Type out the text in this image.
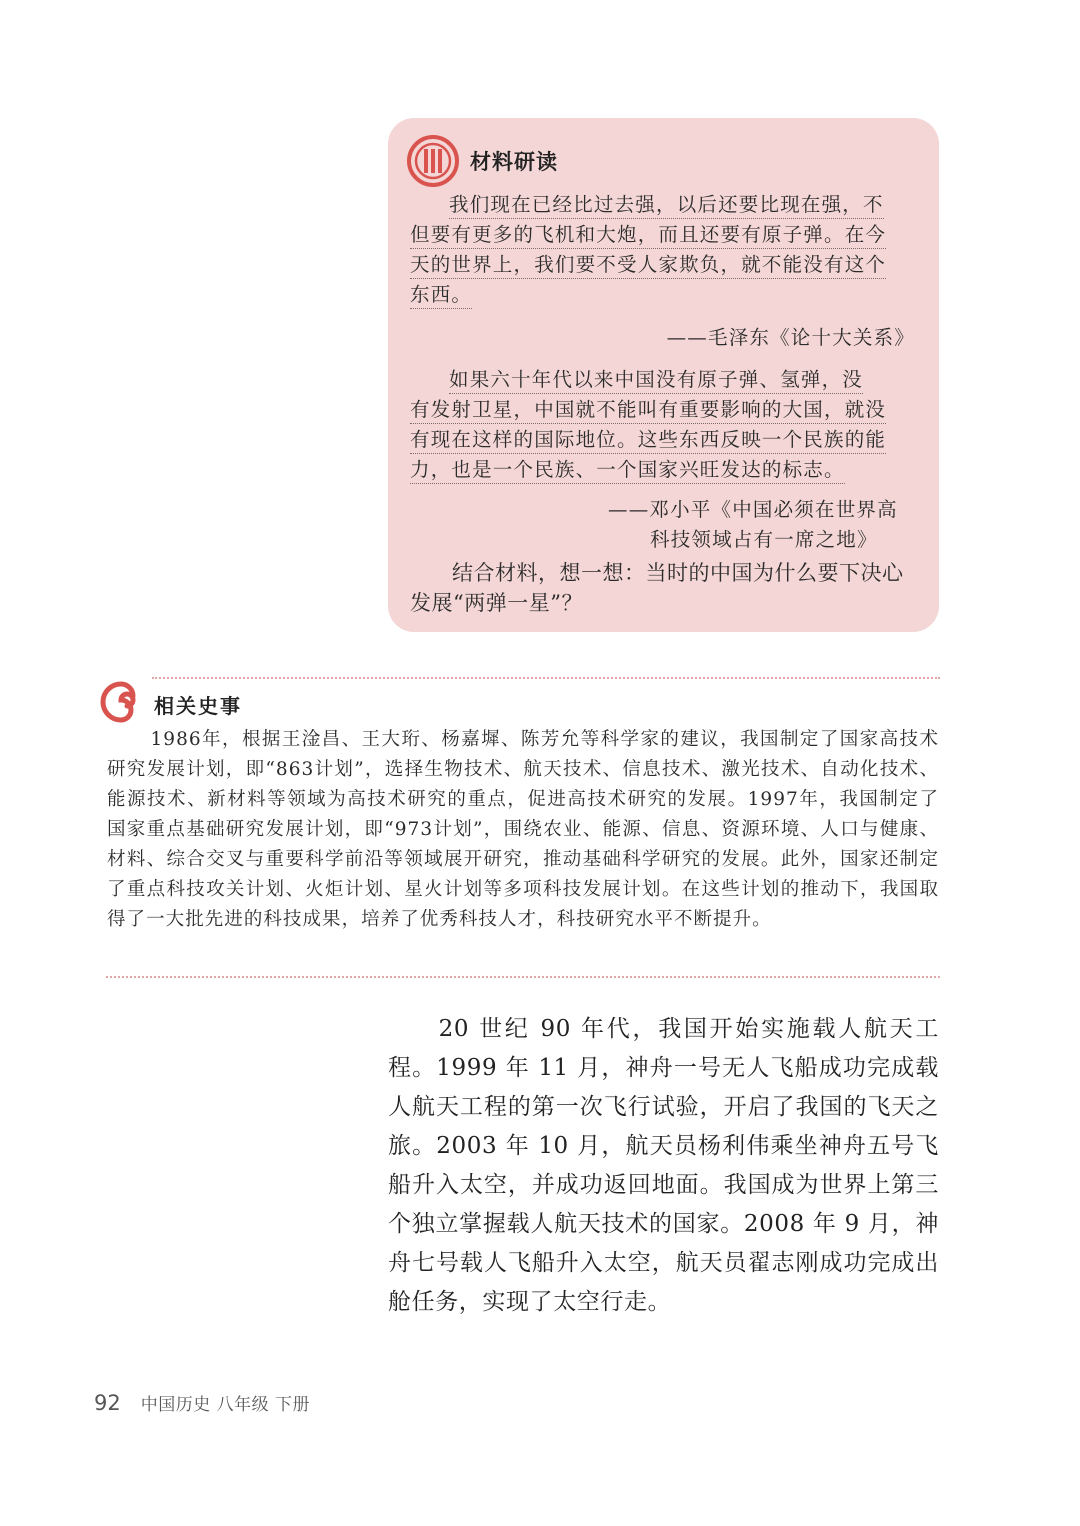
材料研读

我们现在已经比过去强，以后还要比现在强，不
但要有更多的飞机和大炮，而且还要有原子弹。在今
天的世界上，我们要不受人家欺负，就不能没有这个
东西。

——毛泽东《论十大关系》

如果六十年代以来中国没有原子弹、氢弹，没
有发射卫星，中国就不能叫有重要影响的大国，就没
有现在这样的国际地位。这些东西反映一个民族的能
力，也是一个民族、一个国家兴旺发达的标志。

——邓小平《中国必须在世界高
科技领域占有一席之地》

结合材料，想一想：当时的中国为什么要下决心发展“两弹一星”？

相关史事

1986年，根据王淦昌、王大珩、杨嘉墀、陈芳允等科学家的建议，我国制定了国家高技术研究发展计划，即“863计划”，选择生物技术、航天技术、信息技术、激光技术、自动化技术、能源技术、新材料等领域为高技术研究的重点，促进高技术研究的发展。1997年，我国制定了国家重点基础研究发展计划，即“973计划”，围绕农业、能源、信息、资源环境、人口与健康、材料、综合交叉与重要科学前沿等领域展开研究，推动基础科学研究的发展。此外，国家还制定了重点科技攻关计划、火炬计划、星火计划等多项科技发展计划。在这些计划的推动下，我国取得了一大批先进的科技成果，培养了优秀科技人才，科技研究水平不断提升。

20 世纪 90 年代，我国开始实施载人航天工程。1999 年 11 月，神舟一号无人飞船成功完成载人航天工程的第一次飞行试验，开启了我国的飞天之旅。2003 年 10 月，航天员杨利伟乘坐神舟五号飞船升入太空，并成功返回地面。我国成为世界上第三个独立掌握载人航天技术的国家。2008 年 9 月，神舟七号载人飞船升入太空，航天员翟志刚成功完成出舱任务，实现了太空行走。

92 中国历史 八年级 下册
